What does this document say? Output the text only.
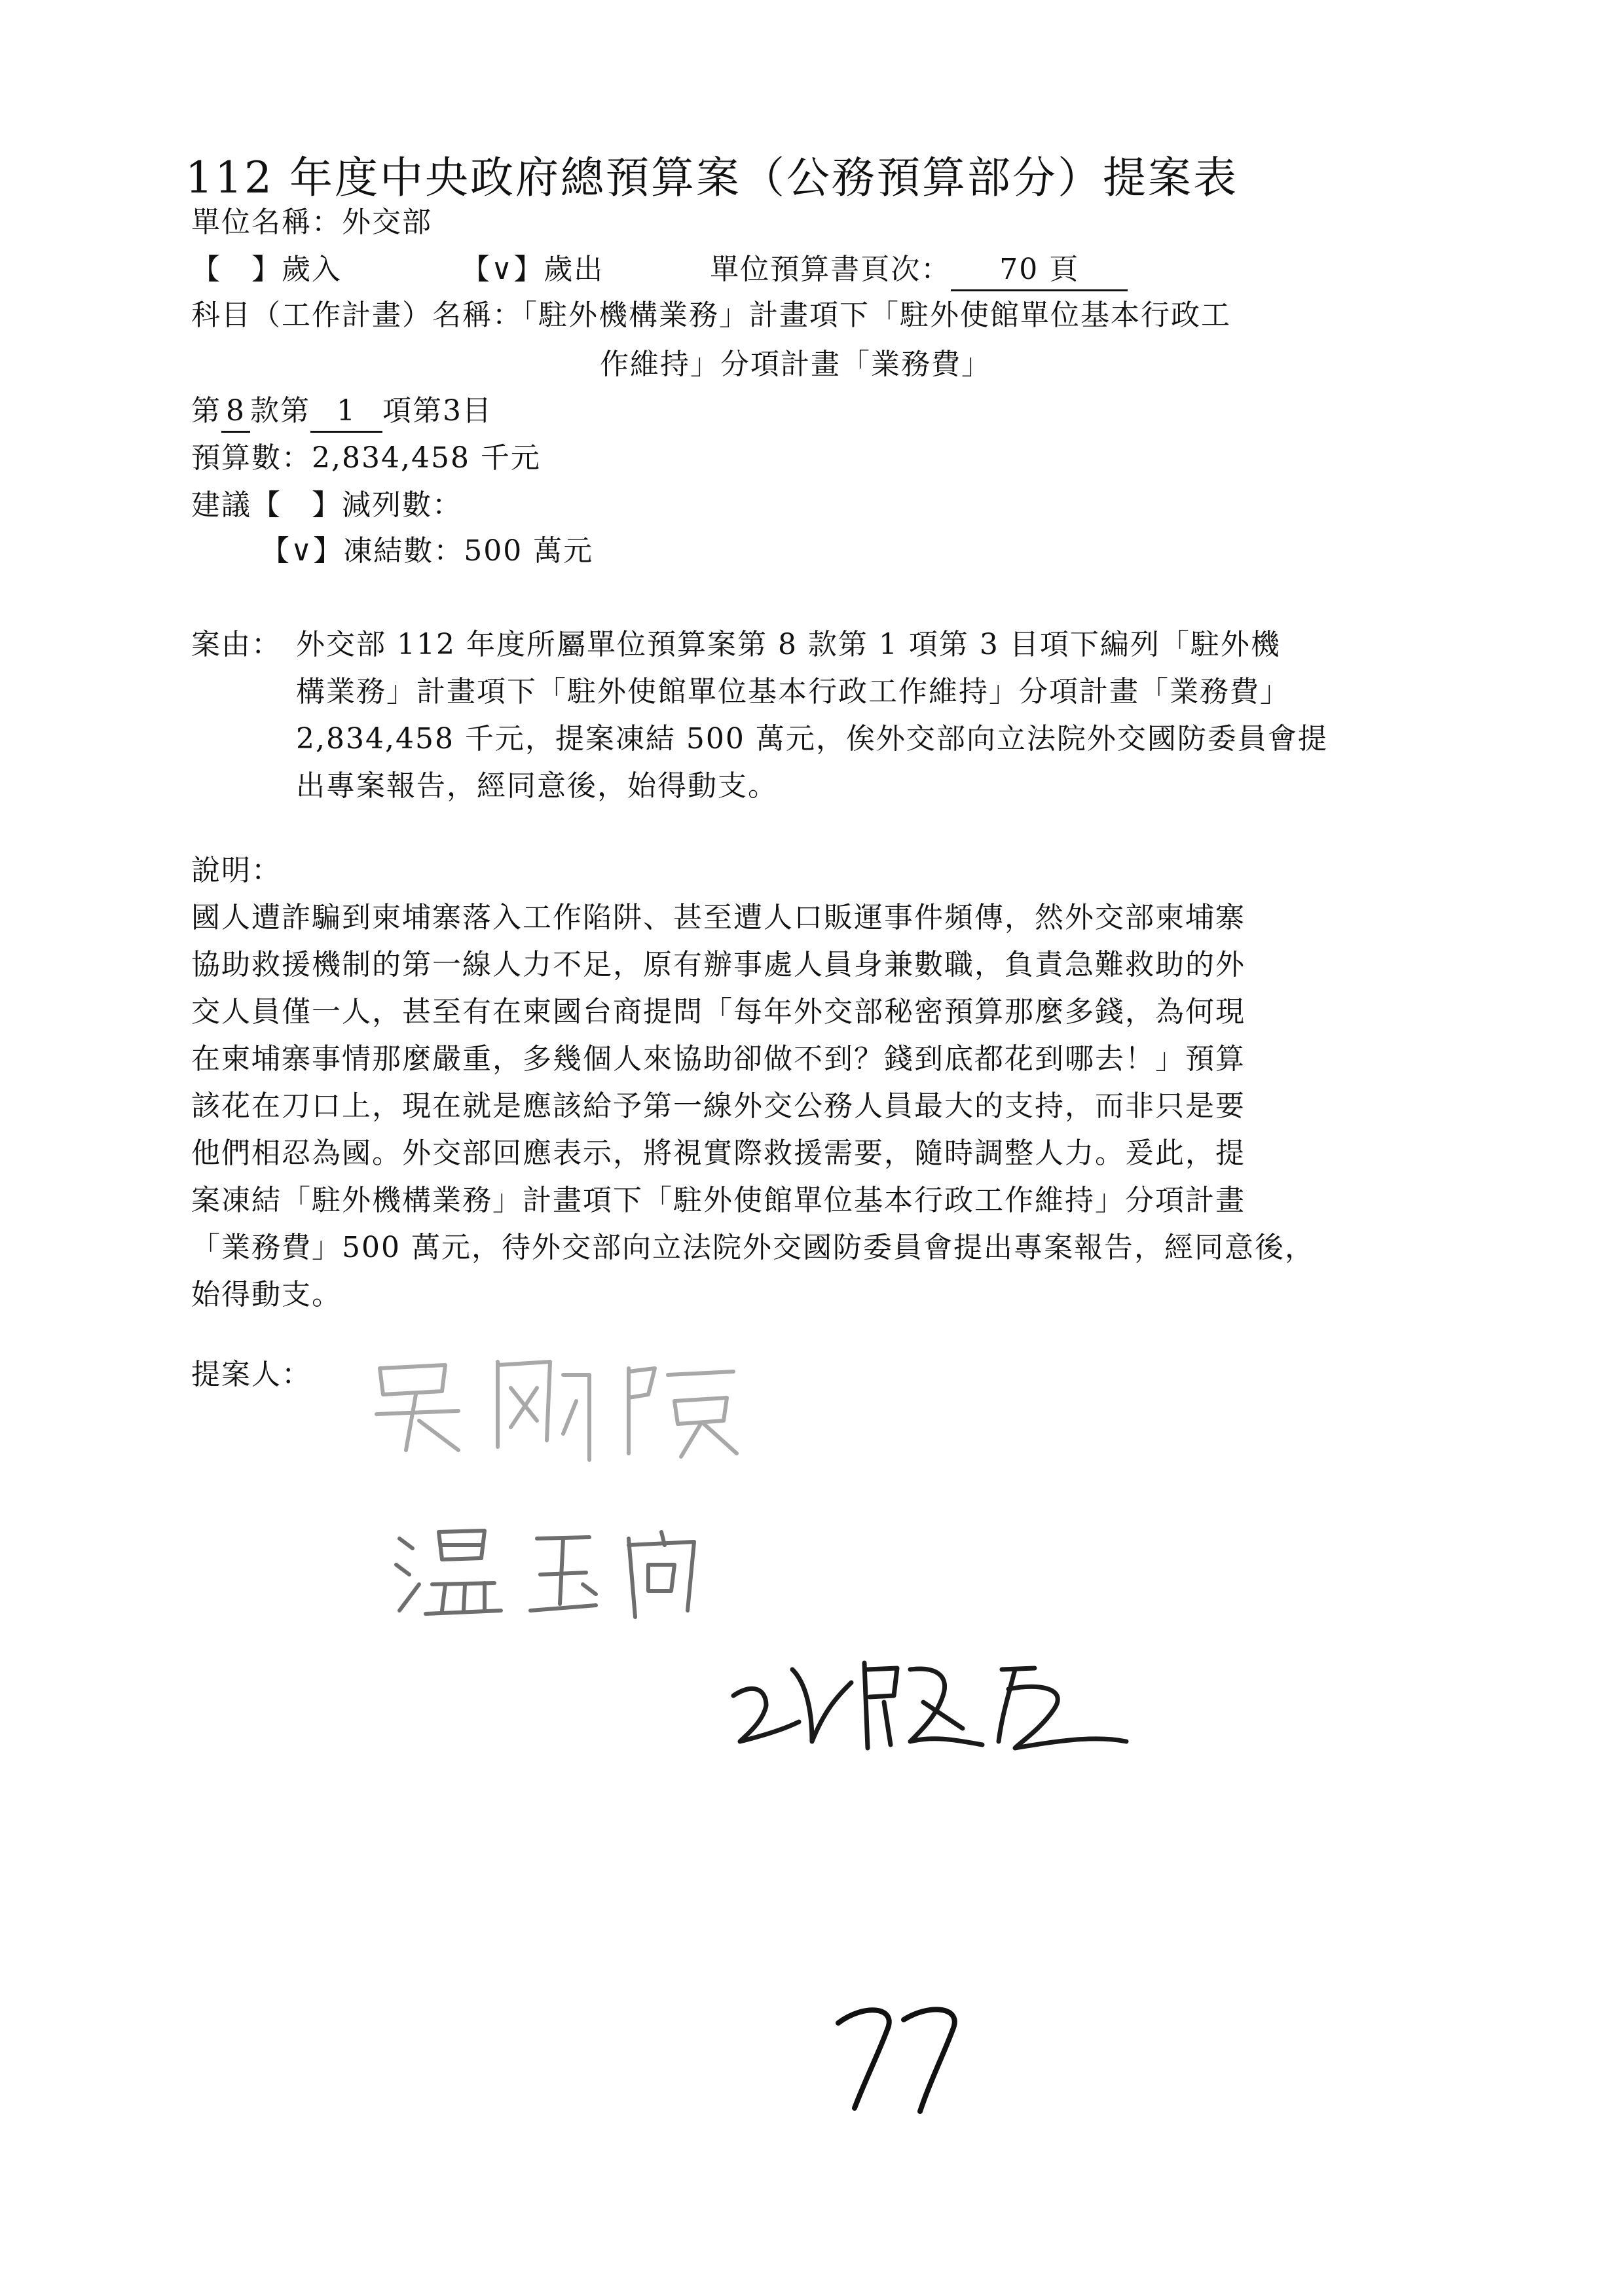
112 年度中央政府總預算案（公務預算部分）提案表
單位名稱：外交部
【　】歲入	【∨】歲出	單位預算書頁次： 70 頁
科目（工作計畫）名稱：「駐外機構業務」計畫項下「駐外使館單位基本行政工
作維持」分項計畫「業務費」
第 8 款第 1 項第3目
預算數：2,834,458 千元
建議【　】減列數：
【∨】凍結數：500 萬元
案由： 外交部 112 年度所屬單位預算案第 8 款第 1 項第 3 目項下編列「駐外機
構業務」計畫項下「駐外使館單位基本行政工作維持」分項計畫「業務費」
2,834,458 千元，提案凍結 500 萬元，俟外交部向立法院外交國防委員會提
出專案報告，經同意後，始得動支。
說明：
國人遭詐騙到柬埔寨落入工作陷阱、甚至遭人口販運事件頻傳，然外交部柬埔寨
協助救援機制的第一線人力不足，原有辦事處人員身兼數職，負責急難救助的外
交人員僅一人，甚至有在柬國台商提問「每年外交部秘密預算那麼多錢，為何現
在柬埔寨事情那麼嚴重，多幾個人來協助卻做不到？錢到底都花到哪去！」預算
該花在刀口上，現在就是應該給予第一線外交公務人員最大的支持，而非只是要
他們相忍為國。外交部回應表示，將視實際救援需要，隨時調整人力。爰此，提
案凍結「駐外機構業務」計畫項下「駐外使館單位基本行政工作維持」分項計畫
「業務費」500 萬元，待外交部向立法院外交國防委員會提出專案報告，經同意後，
始得動支。
提案人：
